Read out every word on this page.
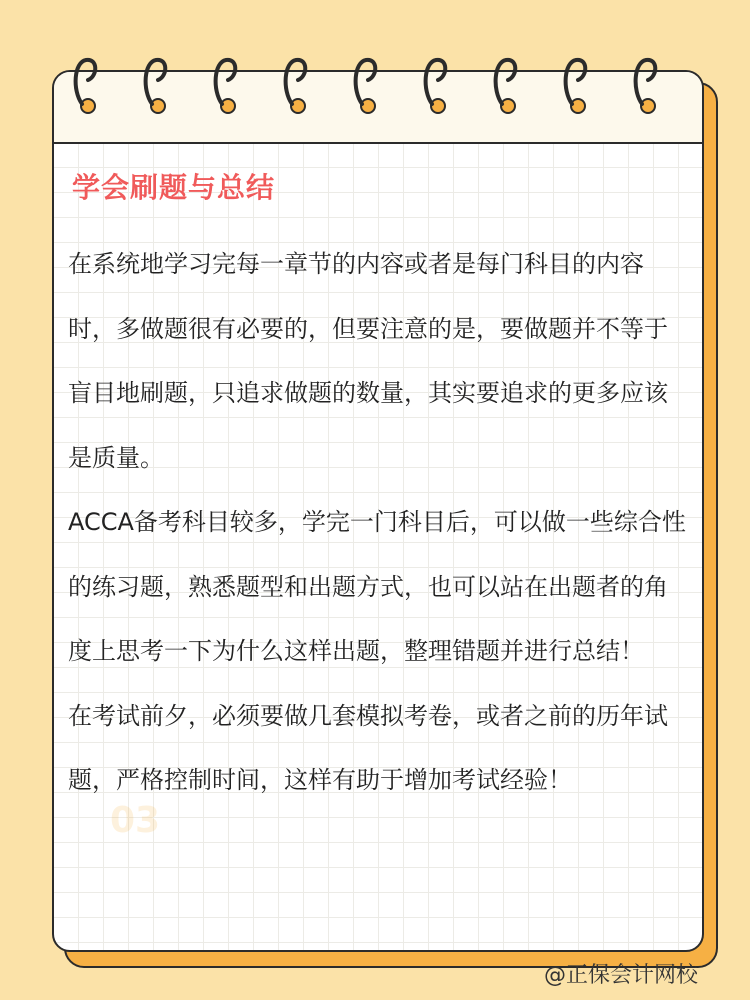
03
学会刷题与总结

在系统地学习完每一章节的内容或者是每门科目的内容时，多做题很有必要的，但要注意的是，要做题并不等于盲目地刷题，只追求做题的数量，其实要追求的更多应该是质量。

ACCA备考科目较多，学完一门科目后，可以做一些综合性的练习题，熟悉题型和出题方式，也可以站在出题者的角度上思考一下为什么这样出题，整理错题并进行总结！

在考试前夕，必须要做几套模拟考卷，或者之前的历年试题，严格控制时间，这样有助于增加考试经验！

@正保会计网校
